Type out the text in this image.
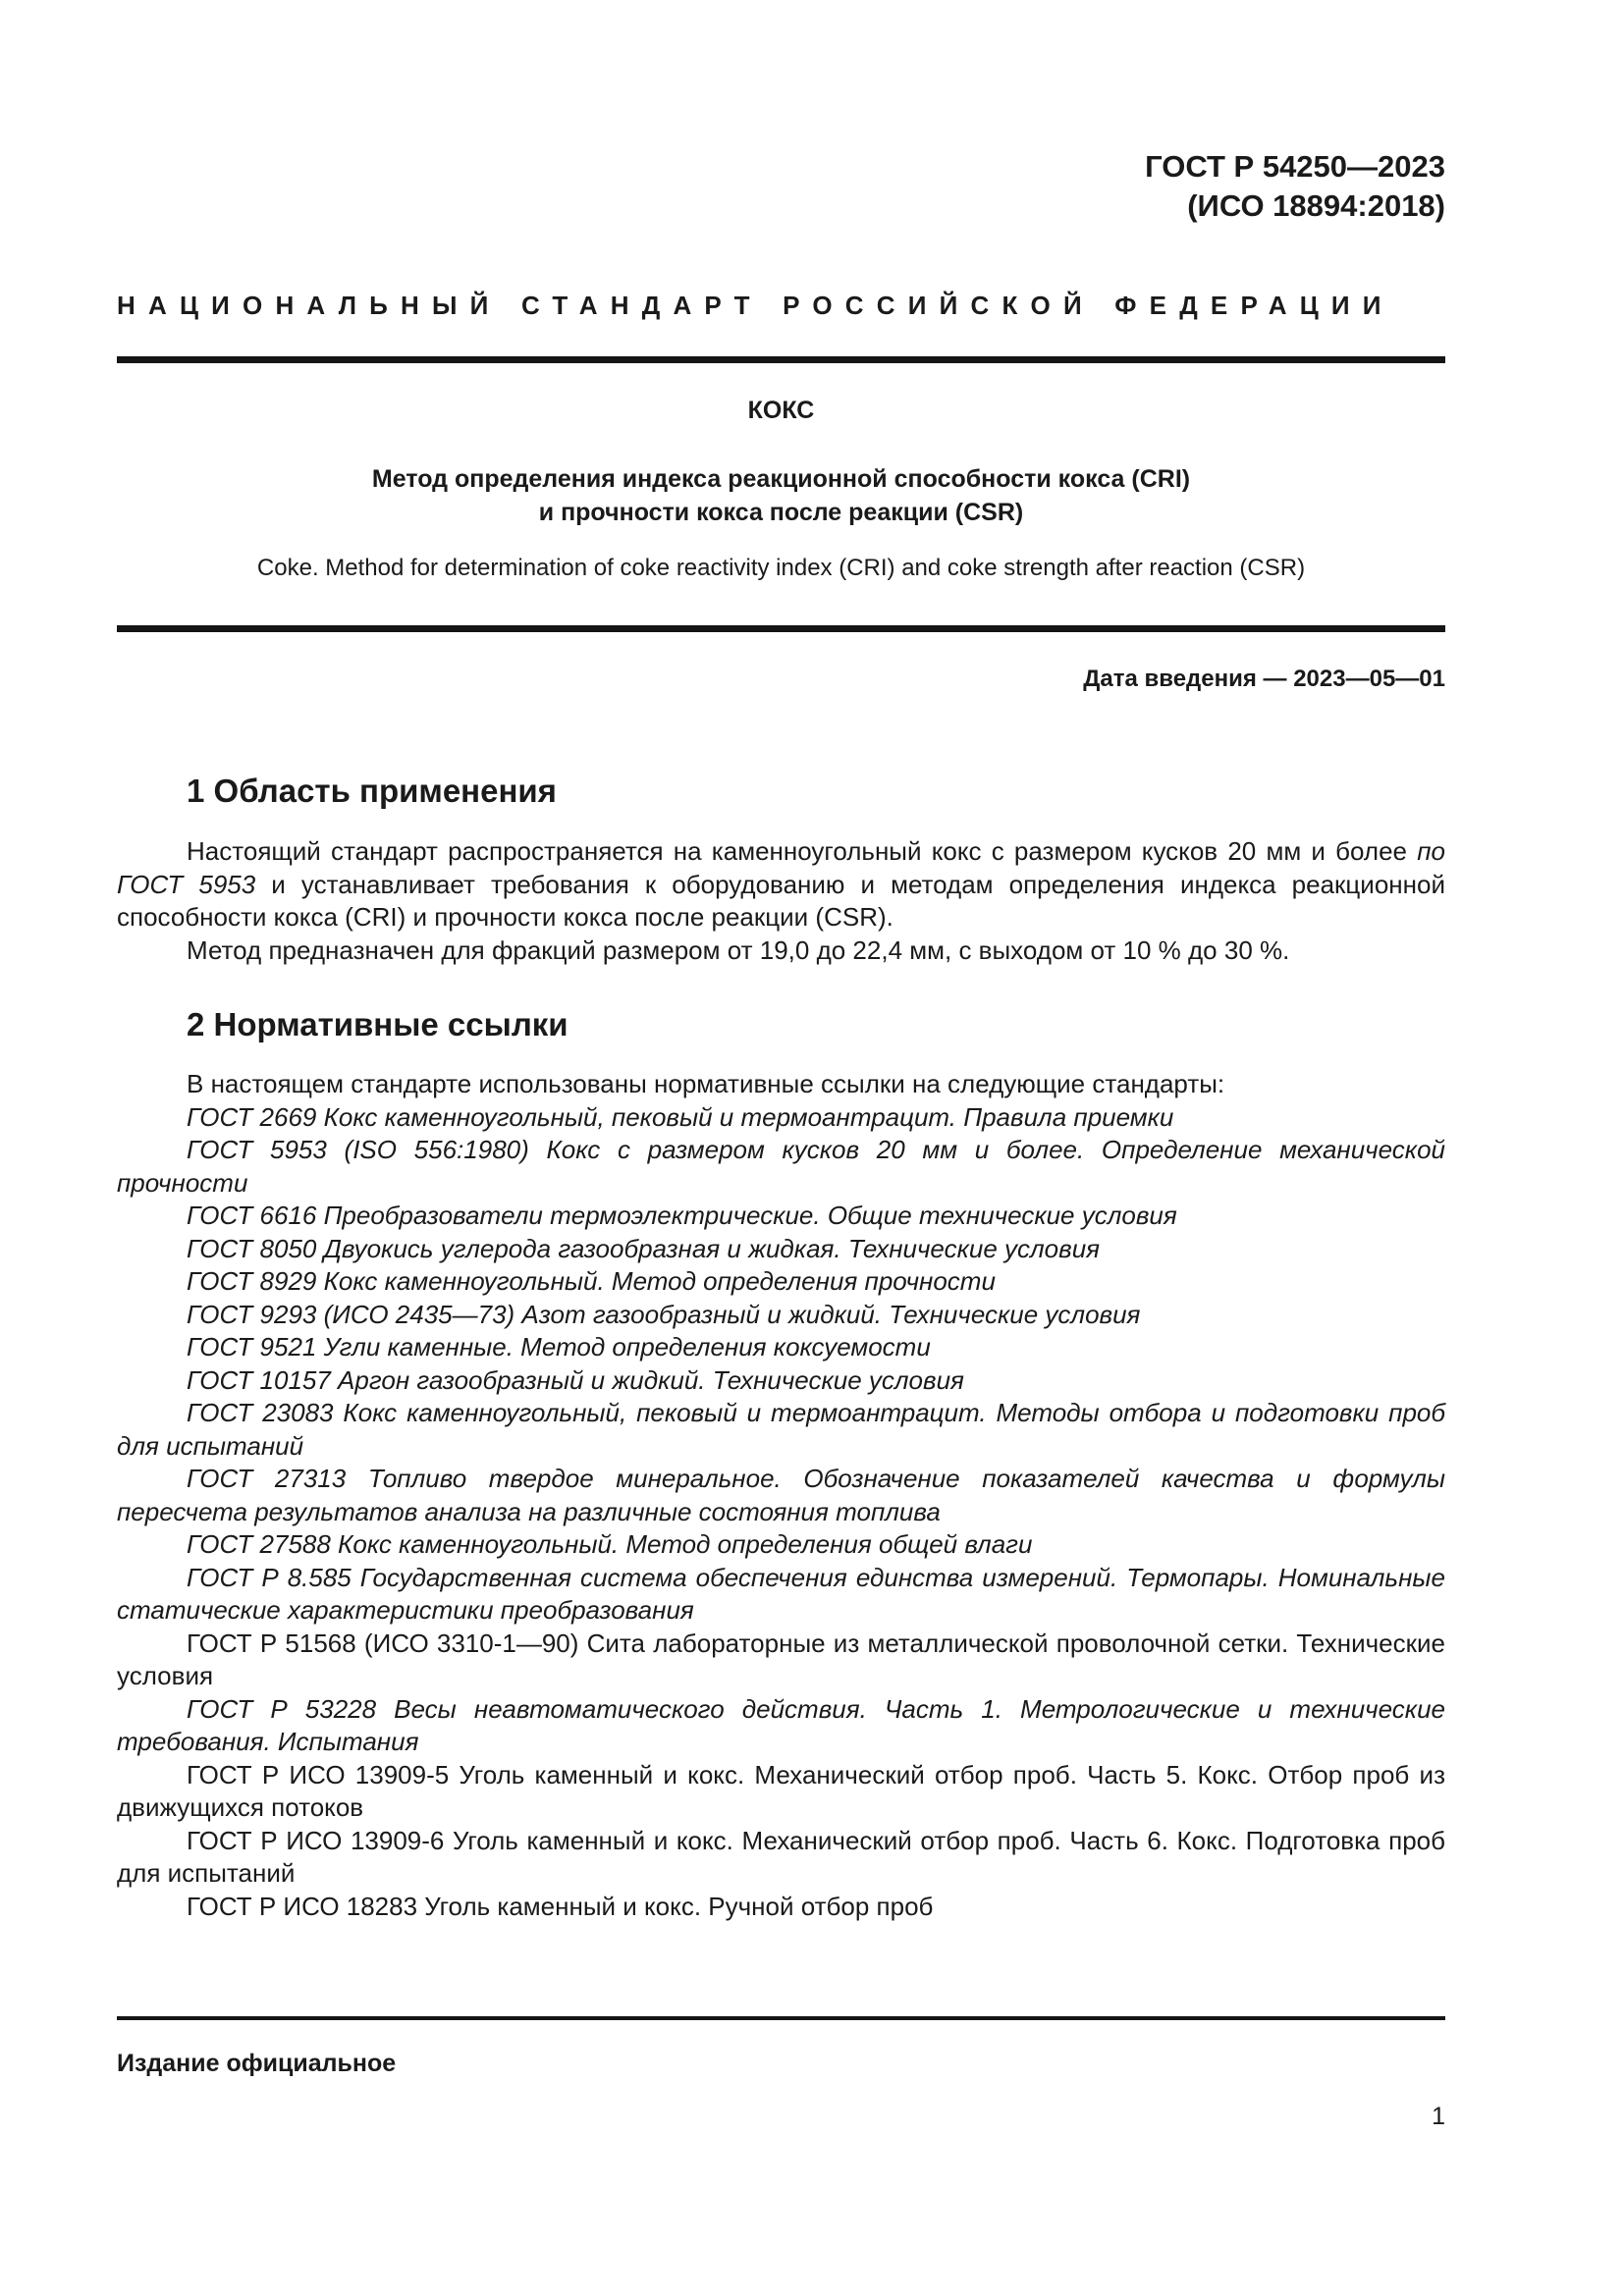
ГОСТ Р 54250—2023
(ИСО 18894:2018)
НАЦИОНАЛЬНЫЙ СТАНДАРТ РОССИЙСКОЙ ФЕДЕРАЦИИ
КОКС
Метод определения индекса реакционной способности кокса (CRI)
и прочности кокса после реакции (CSR)
Coke. Method for determination of coke reactivity index (CRI) and coke strength after reaction (CSR)
Дата введения — 2023—05—01
1 Область применения

Настоящий стандарт распространяется на каменноугольный кокс с размером кусков 20 мм и более по ГОСТ 5953 и устанавливает требования к оборудованию и методам определения индекса реакционной способности кокса (CRI) и прочности кокса после реакции (CSR).

Метод предназначен для фракций размером от 19,0 до 22,4 мм, с выходом от 10 % до 30 %.

2 Нормативные ссылки

В настоящем стандарте использованы нормативные ссылки на следующие стандарты:

ГОСТ 2669 Кокс каменноугольный, пековый и термоантрацит. Правила приемки

ГОСТ 5953 (ISO 556:1980) Кокс с размером кусков 20 мм и более. Определение механической прочности

ГОСТ 6616 Преобразователи термоэлектрические. Общие технические условия

ГОСТ 8050 Двуокись углерода газообразная и жидкая. Технические условия

ГОСТ 8929 Кокс каменноугольный. Метод определения прочности

ГОСТ 9293 (ИСО 2435—73) Азот газообразный и жидкий. Технические условия

ГОСТ 9521 Угли каменные. Метод определения коксуемости

ГОСТ 10157 Аргон газообразный и жидкий. Технические условия

ГОСТ 23083 Кокс каменноугольный, пековый и термоантрацит. Методы отбора и подготовки проб для испытаний

ГОСТ 27313 Топливо твердое минеральное. Обозначение показателей качества и формулы пересчета результатов анализа на различные состояния топлива

ГОСТ 27588 Кокс каменноугольный. Метод определения общей влаги

ГОСТ Р 8.585 Государственная система обеспечения единства измерений. Термопары. Номинальные статические характеристики преобразования

ГОСТ Р 51568 (ИСО 3310-1—90) Сита лабораторные из металлической проволочной сетки. Технические условия

ГОСТ Р 53228 Весы неавтоматического действия. Часть 1. Метрологические и технические требования. Испытания

ГОСТ Р ИСО 13909-5 Уголь каменный и кокс. Механический отбор проб. Часть 5. Кокс. Отбор проб из движущихся потоков

ГОСТ Р ИСО 13909-6 Уголь каменный и кокс. Механический отбор проб. Часть 6. Кокс. Подготовка проб для испытаний

ГОСТ Р ИСО 18283 Уголь каменный и кокс. Ручной отбор проб

Издание официальное
1
